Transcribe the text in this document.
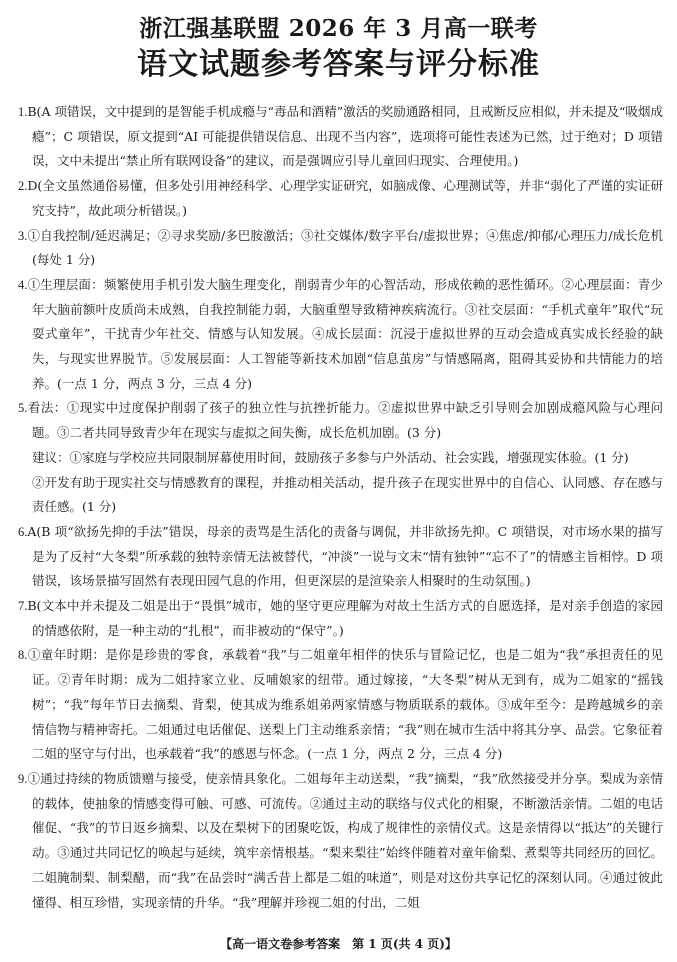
浙江强基联盟 2026 年 3 月高一联考
语文试题参考答案与评分标准

1.B(A 项错误，文中提到的是智能手机成瘾与“毒品和酒精”激活的奖励通路相同，且戒断反应相似，并未提及“吸烟成瘾”；C 项错误，原文提到“AI 可能提供错误信息、出现不当内容”，选项将可能性表述为已然，过于绝对；D 项错误，文中未提出“禁止所有联网设备”的建议，而是强调应引导儿童回归现实、合理使用。)

2.D(全文虽然通俗易懂，但多处引用神经科学、心理学实证研究，如脑成像、心理测试等，并非“弱化了严谨的实证研究支持”，故此项分析错误。)

3.①自我控制/延迟满足；②寻求奖励/多巴胺激活；③社交媒体/数字平台/虚拟世界；④焦虑/抑郁/心理压力/成长危机(每处 1 分)

4.①生理层面：频繁使用手机引发大脑生理变化，削弱青少年的心智活动，形成依赖的恶性循环。②心理层面：青少年大脑前额叶皮质尚未成熟，自我控制能力弱，大脑重塑导致精神疾病流行。③社交层面：“手机式童年”取代“玩耍式童年”，干扰青少年社交、情感与认知发展。④成长层面：沉浸于虚拟世界的互动会造成真实成长经验的缺失，与现实世界脱节。⑤发展层面：人工智能等新技术加剧“信息茧房”与情感隔离，阻碍其妥协和共情能力的培养。(一点 1 分，两点 3 分，三点 4 分)

5.看法：①现实中过度保护削弱了孩子的独立性与抗挫折能力。②虚拟世界中缺乏引导则会加剧成瘾风险与心理问题。③二者共同导致青少年在现实与虚拟之间失衡，成长危机加剧。(3 分)

建议：①家庭与学校应共同限制屏幕使用时间，鼓励孩子多参与户外活动、社会实践，增强现实体验。(1 分)

②开发有助于现实社交与情感教育的课程，并推动相关活动，提升孩子在现实世界中的自信心、认同感、存在感与责任感。(1 分)

6.A(B 项“欲扬先抑的手法”错误，母亲的责骂是生活化的责备与调侃，并非欲扬先抑。C 项错误，对市场水果的描写是为了反衬“大冬梨”所承载的独特亲情无法被替代，“冲淡”一说与文末“情有独钟”“忘不了”的情感主旨相悖。D 项错误，该场景描写固然有表现田园气息的作用，但更深层的是渲染亲人相聚时的生动氛围。)

7.B(文本中并未提及二姐是出于“畏惧”城市，她的坚守更应理解为对故土生活方式的自愿选择，是对亲手创造的家园的情感依附，是一种主动的“扎根”，而非被动的“保守”。)

8.①童年时期：是你是珍贵的零食，承载着“我”与二姐童年相伴的快乐与冒险记忆，也是二姐为“我”承担责任的见证。②青年时期：成为二姐持家立业、反哺娘家的纽带。通过嫁接，“大冬梨”树从无到有，成为二姐家的“摇钱树”；“我”每年节日去摘梨、背梨，使其成为维系姐弟两家情感与物质联系的载体。③成年至今：是跨越城乡的亲情信物与精神寄托。二姐通过电话催促、送梨上门主动维系亲情；“我”则在城市生活中将其分享、品尝。它象征着二姐的坚守与付出，也承载着“我”的感恩与怀念。(一点 1 分，两点 2 分，三点 4 分)

9.①通过持续的物质馈赠与接受，使亲情具象化。二姐每年主动送梨，“我”摘梨，“我”欣然接受并分享。梨成为亲情的载体，使抽象的情感变得可触、可感、可流传。②通过主动的联络与仪式化的相聚，不断激活亲情。二姐的电话催促、“我”的节日返乡摘梨、以及在梨树下的团聚吃饭，构成了规律性的亲情仪式。这是亲情得以“抵达”的关键行动。③通过共同记忆的唤起与延续，筑牢亲情根基。“梨来梨往”始终伴随着对童年偷梨、煮梨等共同经历的回忆。二姐腌制梨、制梨醋，而“我”在品尝时“满舌昔上都是二姐的味道”，则是对这份共享记忆的深刻认同。④通过彼此懂得、相互珍惜，实现亲情的升华。“我”理解并珍视二姐的付出，二姐

【高一语文卷参考答案　第 1 页(共 4 页)】
